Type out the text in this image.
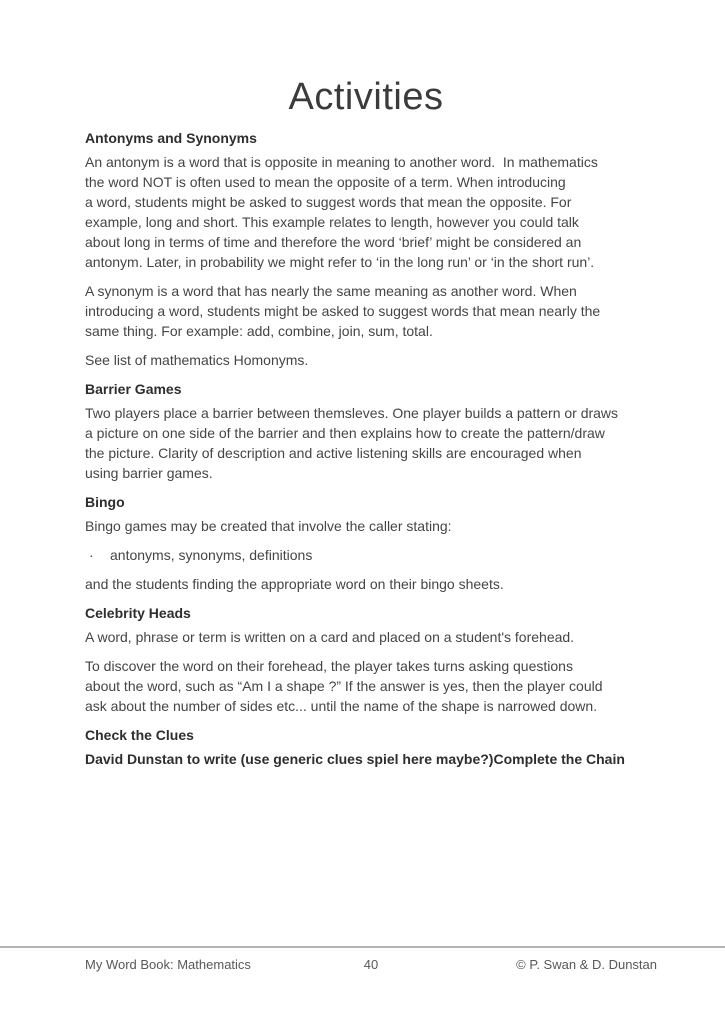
Activities
Antonyms and Synonyms
An antonym is a word that is opposite in meaning to another word.  In mathematics
the word NOT is often used to mean the opposite of a term. When introducing
a word, students might be asked to suggest words that mean the opposite. For
example, long and short. This example relates to length, however you could talk
about long in terms of time and therefore the word ‘brief’ might be considered an
antonym. Later, in probability we might refer to ‘in the long run’ or ‘in the short run’.
A synonym is a word that has nearly the same meaning as another word. When
introducing a word, students might be asked to suggest words that mean nearly the
same thing. For example: add, combine, join, sum, total.
See list of mathematics Homonyms.
Barrier Games
Two players place a barrier between themsleves. One player builds a pattern or draws
a picture on one side of the barrier and then explains how to create the pattern/draw
the picture. Clarity of description and active listening skills are encouraged when
using barrier games.
Bingo
Bingo games may be created that involve the caller stating:
·	antonyms, synonyms, definitions
and the students finding the appropriate word on their bingo sheets.
Celebrity Heads
A word, phrase or term is written on a card and placed on a student's forehead.
To discover the word on their forehead, the player takes turns asking questions
about the word, such as “Am I a shape ?” If the answer is yes, then the player could
ask about the number of sides etc... until the name of the shape is narrowed down.
Check the Clues
David Dunstan to write (use generic clues spiel here maybe?)Complete the Chain
My Word Book: Mathematics	40	© P. Swan & D. Dunstan
